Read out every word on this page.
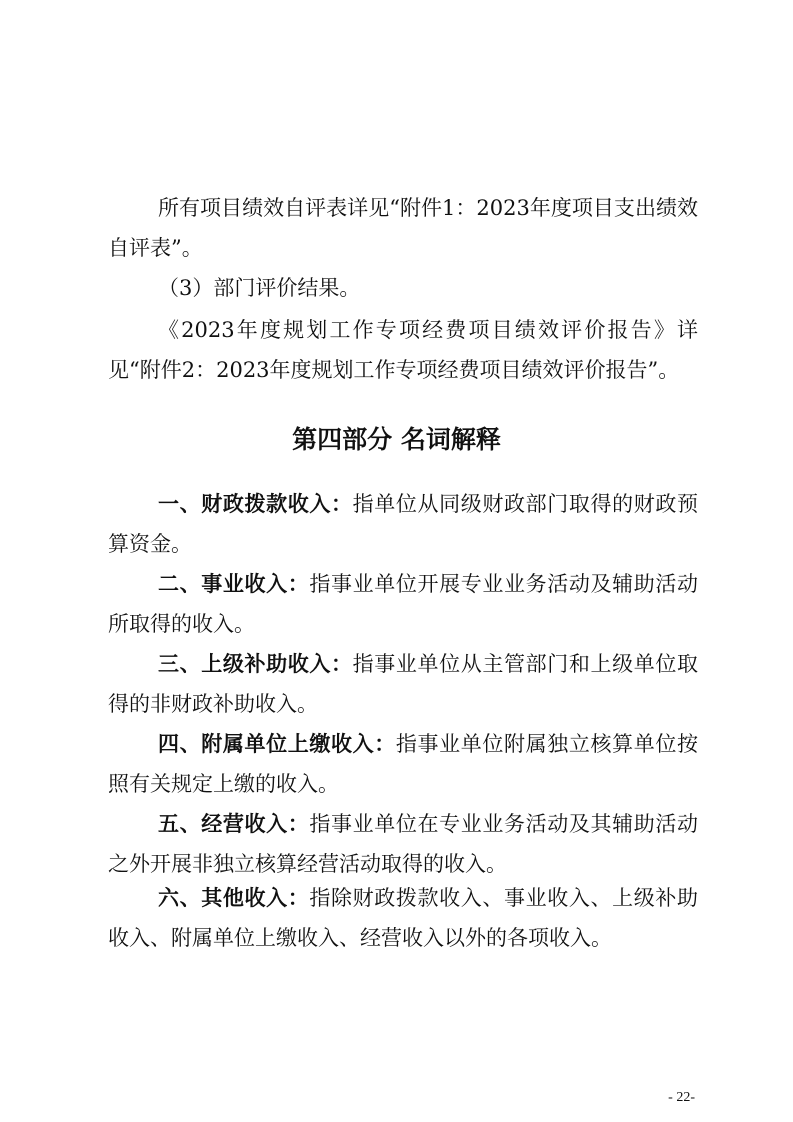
所有项目绩效自评表详见“附件1：2023年度项目支出绩效自评表”。

（3）部门评价结果。

《2023年度规划工作专项经费项目绩效评价报告》详见“附件2：2023年度规划工作专项经费项目绩效评价报告”。

第四部分 名词解释

一、财政拨款收入：指单位从同级财政部门取得的财政预算资金。

二、事业收入：指事业单位开展专业业务活动及辅助活动所取得的收入。

三、上级补助收入：指事业单位从主管部门和上级单位取得的非财政补助收入。

四、附属单位上缴收入：指事业单位附属独立核算单位按照有关规定上缴的收入。

五、经营收入：指事业单位在专业业务活动及其辅助活动之外开展非独立核算经营活动取得的收入。

六、其他收入：指除财政拨款收入、事业收入、上级补助收入、附属单位上缴收入、经营收入以外的各项收入。

- 22-
